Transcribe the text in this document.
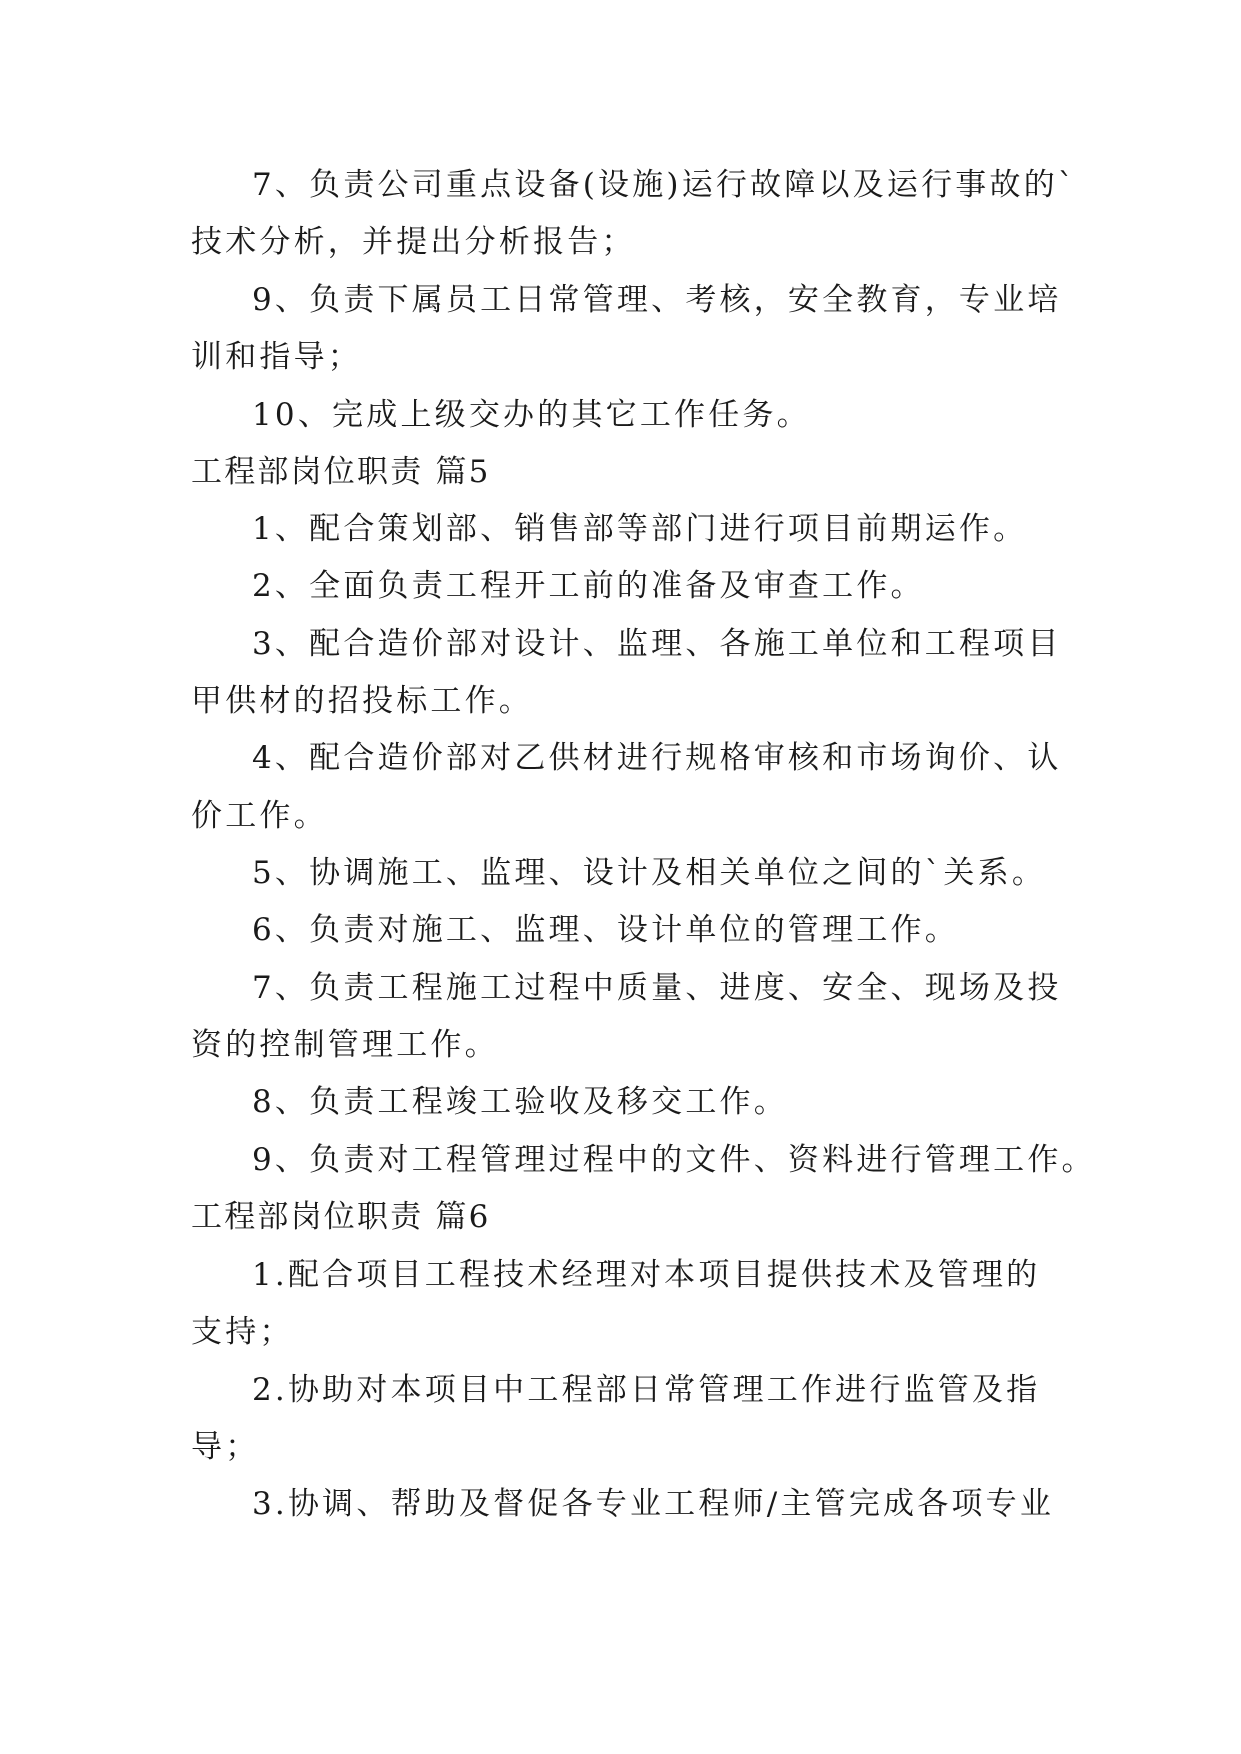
7、负责公司重点设备(设施)运行故障以及运行事故的`
技术分析，并提出分析报告；
9、负责下属员工日常管理、考核，安全教育，专业培
训和指导；
10、完成上级交办的其它工作任务。
工程部岗位职责 篇5
1、配合策划部、销售部等部门进行项目前期运作。
2、全面负责工程开工前的准备及审查工作。
3、配合造价部对设计、监理、各施工单位和工程项目
甲供材的招投标工作。
4、配合造价部对乙供材进行规格审核和市场询价、认
价工作。
5、协调施工、监理、设计及相关单位之间的`关系。
6、负责对施工、监理、设计单位的管理工作。
7、负责工程施工过程中质量、进度、安全、现场及投
资的控制管理工作。
8、负责工程竣工验收及移交工作。
9、负责对工程管理过程中的文件、资料进行管理工作。
工程部岗位职责 篇6
1.配合项目工程技术经理对本项目提供技术及管理的
支持；
2.协助对本项目中工程部日常管理工作进行监管及指
导；
3.协调、帮助及督促各专业工程师/主管完成各项专业
